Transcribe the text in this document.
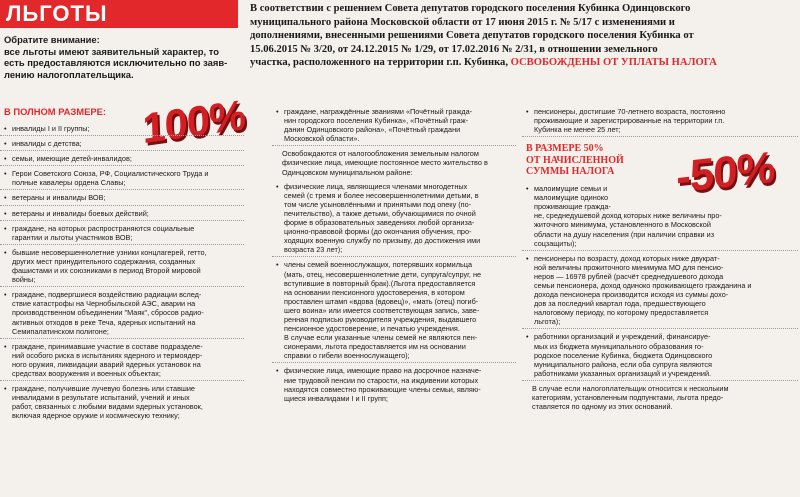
ЛЬГОТЫ
Обратите внимание:
все льготы имеют заявительный характер, то
есть предоставляются исключительно по заяв-
лению налогоплательщика.
В соответствии с решением Совета депутатов городского поселения Кубинка Одинцовского
муниципального района Московской области от 17 июня 2015 г. № 5/17 с изменениями и
дополнениями, внесенными решениями Совета депутатов городского поселения Кубинка от
15.06.2015 № 3/20, от 24.12.2015 № 1/29, от 17.02.2016 № 2/31, в отношении земельного
участка, расположенного на территории г.п. Кубинка, ОСВОБОЖДЕНЫ ОТ УПЛАТЫ НАЛОГА
В ПОЛНОМ РАЗМЕРЕ: 100%
• инвалиды I и II группы;
• инвалиды с детства;
• семьи, имеющие детей-инвалидов;
• Герои Советского Союза, РФ, Социалистического Труда и
полные кавалеры ордена Славы;
• ветераны и инвалиды ВОВ;
• ветераны и инвалиды боевых действий;
• граждане, на которых распространяются социальные
гарантии и льготы участников ВОВ;
• бывшие несовершеннолетние узники концлагерей, гетто,
других мест принудительного содержания, созданных
фашистами и их союзниками в период Второй мировой
войны;
• граждане, подвергшиеся воздействию радиации вслед-
ствие катастрофы на Чернобыльской АЭС, аварии на
производственном объединении "Маяк", сбросов радио-
активных отходов в реке Теча, ядерных испытаний на
Семипалатинском полигоне;
• граждане, принимавшие участие в составе подразделе-
ний особого риска в испытаниях ядерного и термоядер-
ного оружия, ликвидации аварий ядерных установок на
средствах вооружения и военных объектах;
• граждане, получившие лучевую болезнь или ставшие
инвалидами в результате испытаний, учений и иных
работ, связанных с любыми видами ядерных установок,
включая ядерное оружие и космическую технику;
• граждане, награждённые званиями «Почётный гражда-
нин городского поселения Кубинка», «Почётный граж-
данин Одинцовского района», «Почётный граждани
Московской области».
Освобождаются от налогообложения земельным налогом
физические лица, имеющие постоянное место жительство в
Одинцовском муниципальном районе:
• физические лица, являющиеся членами многодетных
семей (с тремя и более несовершеннолетними детьми, в
том числе усыновлёнными и принятыми под опеку (по-
печительство), а также детьми, обучающимися по очной
форме в образовательных заведениях любой организа-
ционно-правовой формы (до окончания обучения, про-
ходящих военную службу по призыву, до достижения ими
возраста 23 лет);
• члены семей военнослужащих, потерявших кормильца
(мать, отец, несовершеннолетние дети, супруга/супруг, не
вступившие в повторный брак).(Льгота предоставляется
на основании пенсионного удостоверения, в котором
проставлен штамп «вдова (вдовец)», «мать (отец) погиб-
шего воина» или имеется соответствующая запись, заве-
ренная подписью руководителя учреждения, выдавшего
пенсионное удостоверение, и печатью учреждения.
В случае если указанные члены семей не являются пен-
сионерами, льгота предоставляется им на основании
справки о гибели военнослужащего);
• физические лица, имеющие право на досрочное назначе-
ние трудовой пенсии по старости, на иждивении которых
находятся совместно проживающие члены семьи, являю-
щиеся инвалидами I и II групп;
• пенсионеры, достигшие 70-летнего возраста, постоянно
проживающие и зарегистрированные на территории г.п.
Кубинка не менее 25 лет;
В РАЗМЕРЕ 50%
ОТ НАЧИСЛЕННОЙ
СУММЫ НАЛОГА
• малоимущие семьи и
малоимущие одиноко
проживающие гражда-
не, среднедушевой доход которых ниже величины про-
житочного минимума, установленного в Московской
области на душу населения (при наличии справки из
соцзащиты);
• пенсионеры по возрасту, доход которых ниже двукрат-
ной величины прожиточного минимума МО для пенсио-
неров — 16978 рублей (расчёт среднедушевого дохода
семьи пенсионера, доход одиноко проживающего гражданина и
дохода пенсионера производится исходя из суммы дохо-
дов за последний квартал года, предшествующего
налоговому периоду, по которому предоставляется
льгота);
• работники организаций и учреждений, финансируе-
мых из бюджета муниципального образования го-
родское поселение Кубинка, бюджета Одинцовского
муниципального района, если оба супруга являются
работниками указанных организаций и учреждений.
В случае если налогоплательщик относится к нескольким
категориям, установленным подпунктами, льгота предо-
ставляется по одному из этих оснований.
-50%
